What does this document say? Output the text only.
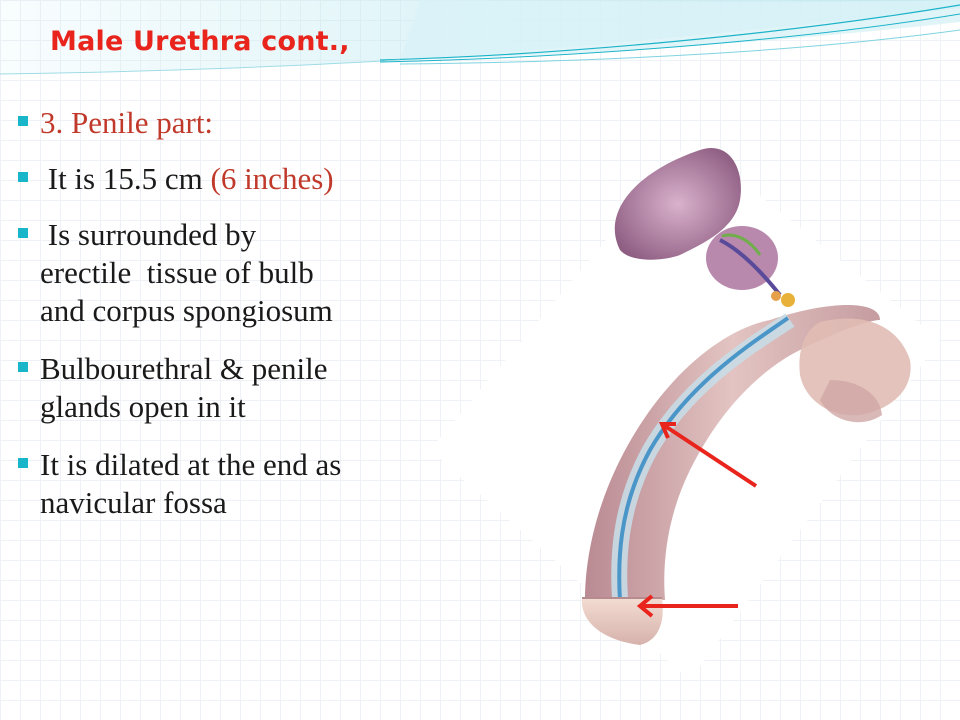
Male Urethra cont.,
3. Penile part:
It is 15.5 cm (6 inches)
Is surrounded by
erectile  tissue of bulb
and corpus spongiosum
Bulbourethral & penile
glands open in it
It is dilated at the end as
navicular fossa
